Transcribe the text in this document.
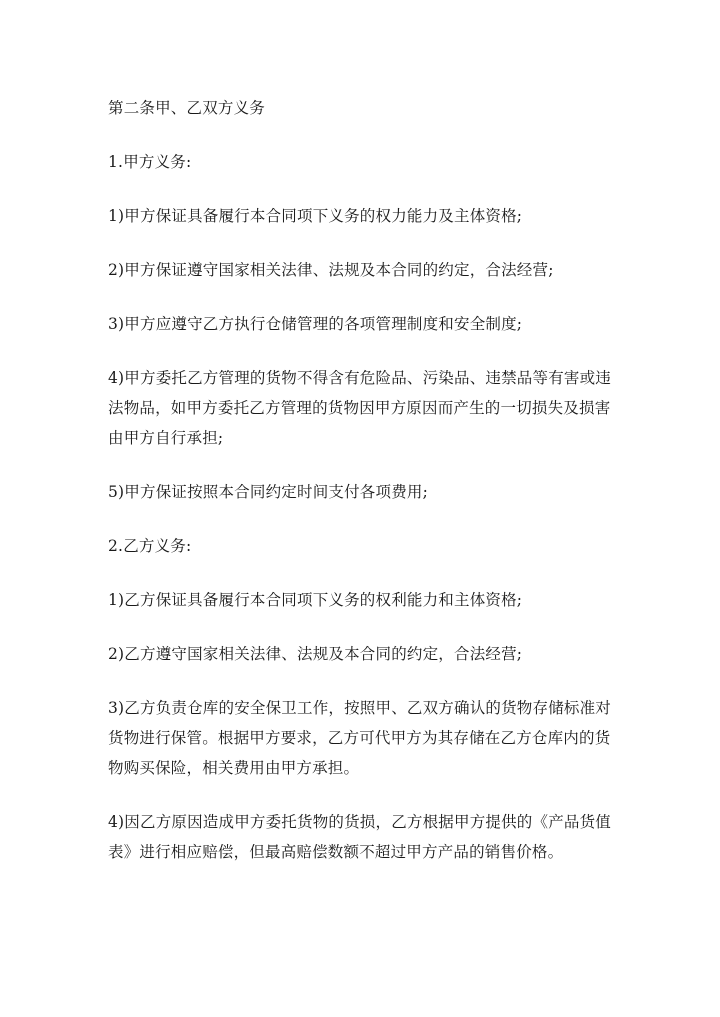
第二条甲、乙双方义务

1.甲方义务:

1)甲方保证具备履行本合同项下义务的权力能力及主体资格;

2)甲方保证遵守国家相关法律、法规及本合同的约定，合法经营;

3)甲方应遵守乙方执行仓储管理的各项管理制度和安全制度;

4)甲方委托乙方管理的货物不得含有危险品、污染品、违禁品等有害或违法物品，如甲方委托乙方管理的货物因甲方原因而产生的一切损失及损害由甲方自行承担;

5)甲方保证按照本合同约定时间支付各项费用;

2.乙方义务:

1)乙方保证具备履行本合同项下义务的权利能力和主体资格;

2)乙方遵守国家相关法律、法规及本合同的约定，合法经营;

3)乙方负责仓库的安全保卫工作，按照甲、乙双方确认的货物存储标准对货物进行保管。根据甲方要求，乙方可代甲方为其存储在乙方仓库内的货物购买保险，相关费用由甲方承担。

4)因乙方原因造成甲方委托货物的货损，乙方根据甲方提供的《产品货值表》进行相应赔偿，但最高赔偿数额不超过甲方产品的销售价格。
